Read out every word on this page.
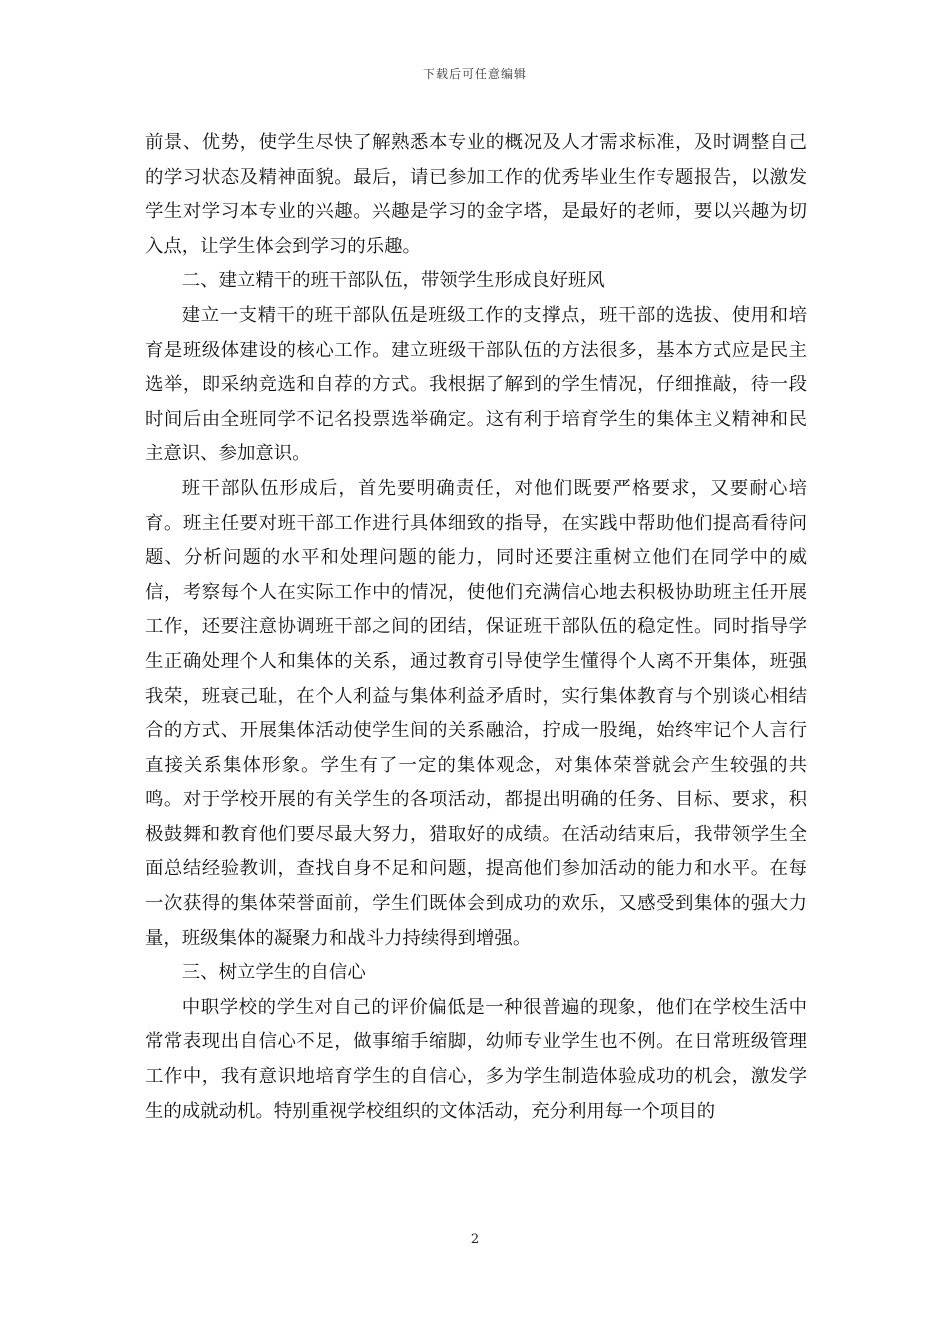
下载后可任意编辑

前景、优势，使学生尽快了解熟悉本专业的概况及人才需求标准，及时调整自己的学习状态及精神面貌。最后，请已参加工作的优秀毕业生作专题报告，以激发学生对学习本专业的兴趣。兴趣是学习的金字塔，是最好的老师，要以兴趣为切入点，让学生体会到学习的乐趣。

二、建立精干的班干部队伍，带领学生形成良好班风

建立一支精干的班干部队伍是班级工作的支撑点，班干部的选拔、使用和培育是班级体建设的核心工作。建立班级干部队伍的方法很多，基本方式应是民主选举，即采纳竞选和自荐的方式。我根据了解到的学生情况，仔细推敲，待一段时间后由全班同学不记名投票选举确定。这有利于培育学生的集体主义精神和民主意识、参加意识。

班干部队伍形成后，首先要明确责任，对他们既要严格要求，又要耐心培育。班主任要对班干部工作进行具体细致的指导，在实践中帮助他们提高看待问题、分析问题的水平和处理问题的能力，同时还要注重树立他们在同学中的威信，考察每个人在实际工作中的情况，使他们充满信心地去积极协助班主任开展工作，还要注意协调班干部之间的团结，保证班干部队伍的稳定性。同时指导学生正确处理个人和集体的关系，通过教育引导使学生懂得个人离不开集体，班强我荣，班衰己耻，在个人利益与集体利益矛盾时，实行集体教育与个别谈心相结合的方式、开展集体活动使学生间的关系融洽，拧成一股绳，始终牢记个人言行直接关系集体形象。学生有了一定的集体观念，对集体荣誉就会产生较强的共鸣。对于学校开展的有关学生的各项活动，都提出明确的任务、目标、要求，积极鼓舞和教育他们要尽最大努力，猎取好的成绩。在活动结束后，我带领学生全面总结经验教训，查找自身不足和问题，提高他们参加活动的能力和水平。在每一次获得的集体荣誉面前，学生们既体会到成功的欢乐，又感受到集体的强大力量，班级集体的凝聚力和战斗力持续得到增强。

三、树立学生的自信心

中职学校的学生对自己的评价偏低是一种很普遍的现象，他们在学校生活中常常表现出自信心不足，做事缩手缩脚，幼师专业学生也不例。在日常班级管理工作中，我有意识地培育学生的自信心，多为学生制造体验成功的机会，激发学生的成就动机。特别重视学校组织的文体活动，充分利用每一个项目的

2
